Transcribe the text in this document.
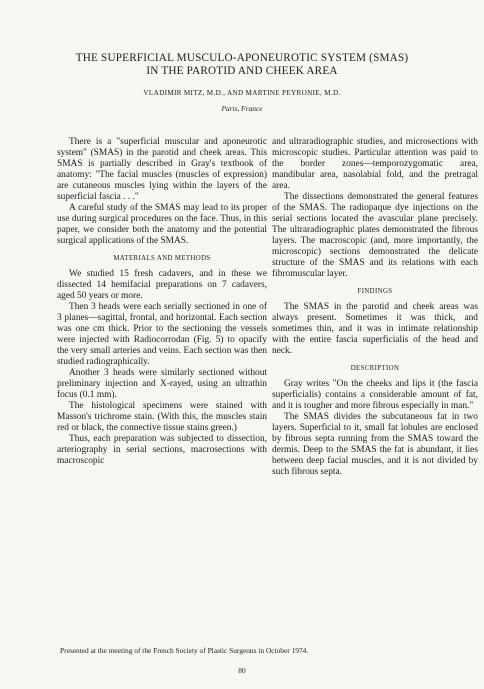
THE SUPERFICIAL MUSCULO-APONEUROTIC SYSTEM (SMAS)
IN THE PAROTID AND CHEEK AREA

VLADIMIR MITZ, M.D., AND MARTINE PEYRONIE, M.D.

Paris, France

There is a "superficial muscular and aponeurotic system" (SMAS) in the parotid and cheek areas. This SMAS is partially described in Gray's textbook of anatomy: "The facial muscles (muscles of expression) are cutaneous muscles lying within the layers of the superficial fascia . . ."

A careful study of the SMAS may lead to its proper use during surgical procedures on the face. Thus, in this paper, we consider both the anatomy and the potential surgical applications of the SMAS.

MATERIALS AND METHODS

We studied 15 fresh cadavers, and in these we dissected 14 hemifacial preparations on 7 cadavers, aged 50 years or more.

Then 3 heads were each serially sectioned in one of 3 planes—sagittal, frontal, and horizontal. Each section was one cm thick. Prior to the sectioning the vessels were injected with Radiocorrodan (Fig. 5) to opacify the very small arteries and veins. Each section was then studied radiographically.

Another 3 heads were similarly sectioned without preliminary injection and X-rayed, using an ultrathin focus (0.1 mm).

The histological specimens were stained with Masson's trichrome stain. (With this, the muscles stain red or black, the connective tissue stains green.)

Thus, each preparation was subjected to dissection, arteriography in serial sections, macrosections with macroscopic

and ultraradiographic studies, and microsections with microscopic studies. Particular attention was paid to the border zones—temporozygomatic area, mandibular area, nasolabial fold, and the pretragal area.

The dissections demonstrated the general features of the SMAS. The radiopaque dye injections on the serial sections located the avascular plane precisely. The ultraradiographic plates demonstrated the fibrous layers. The macroscopic (and, more importantly, the microscopic) sections demonstrated the delicate structure of the SMAS and its relations with each fibromuscular layer.

FINDINGS

The SMAS in the parotid and cheek areas was always present. Sometimes it was thick, and sometimes thin, and it was in intimate relationship with the entire fascia superficialis of the head and neck.

DESCRIPTION

Gray writes "On the cheeks and lips it (the fascia superficialis) contains a considerable amount of fat, and it is tougher and more fibrous especially in man."

The SMAS divides the subcutaneous fat in two layers. Superficial to it, small fat lobules are enclosed by fibrous septa running from the SMAS toward the dermis. Deep to the SMAS the fat is abundant, it lies between deep facial muscles, and it is not divided by such fibrous septa.

Presented at the meeting of the French Society of Plastic Surgeons in October 1974.

80
